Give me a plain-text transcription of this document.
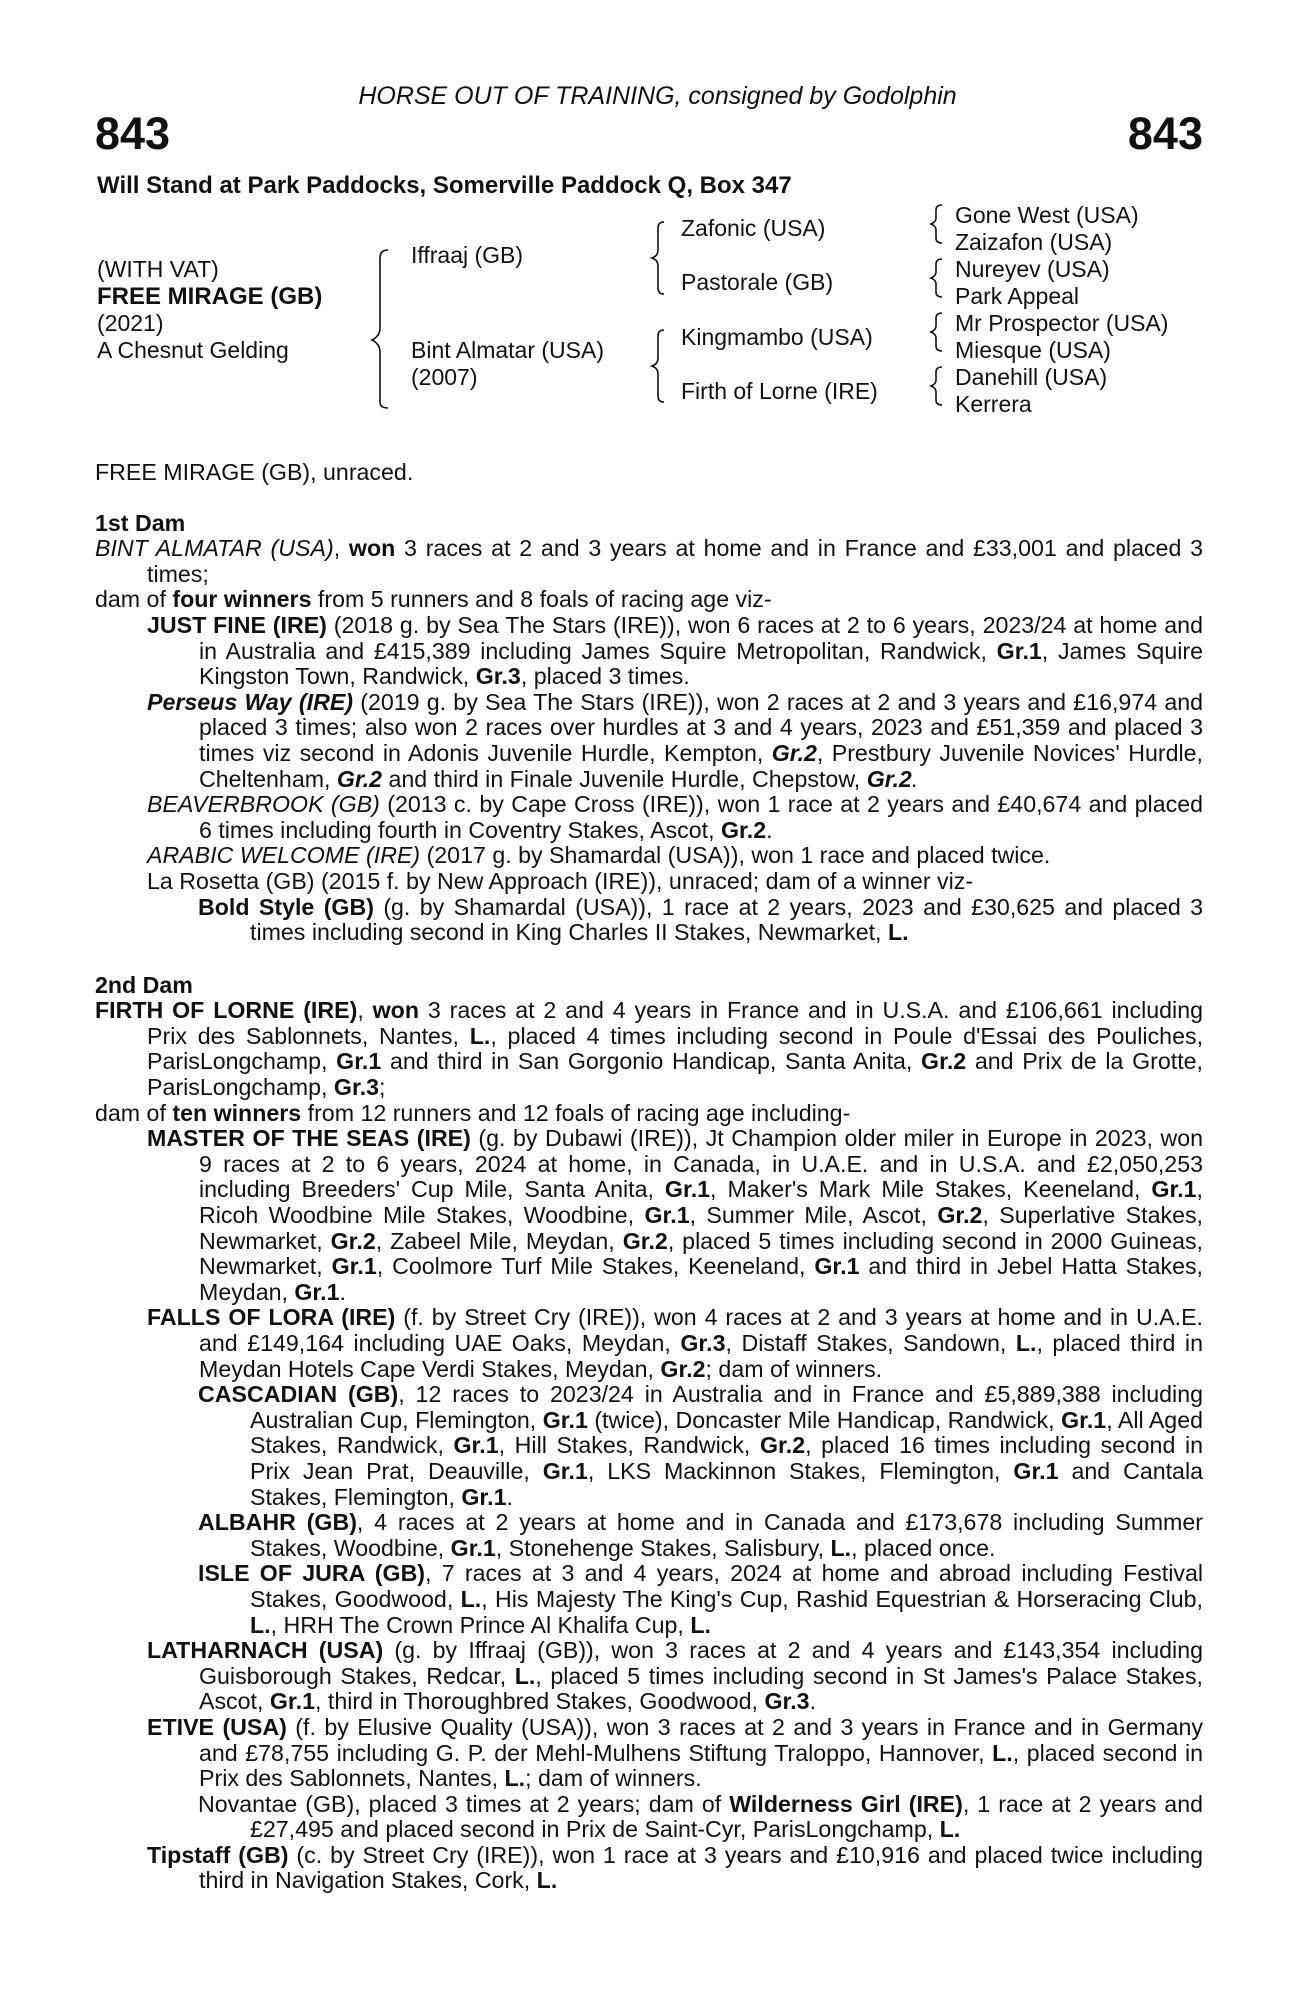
HORSE OUT OF TRAINING, consigned by Godolphin
843	843
Will Stand at Park Paddocks, Somerville Paddock Q, Box 347
(WITH VAT)
FREE MIRAGE (GB)
(2021)
A Chesnut Gelding
Iffraaj (GB)
Bint Almatar (USA)
(2007)
Zafonic (USA)
Pastorale (GB)
Kingmambo (USA)
Firth of Lorne (IRE)
Gone West (USA)
Zaizafon (USA)
Nureyev (USA)
Park Appeal
Mr Prospector (USA)
Miesque (USA)
Danehill (USA)
Kerrera

FREE MIRAGE (GB), unraced.

1st Dam

BINT ALMATAR (USA), won 3 races at 2 and 3 years at home and in France and £33,001 and placed 3 times;

dam of four winners from 5 runners and 8 foals of racing age viz-

JUST FINE (IRE) (2018 g. by Sea The Stars (IRE)), won 6 races at 2 to 6 years, 2023/24 at home and in Australia and £415,389 including James Squire Metropolitan, Randwick, Gr.1, James Squire Kingston Town, Randwick, Gr.3, placed 3 times.

Perseus Way (IRE) (2019 g. by Sea The Stars (IRE)), won 2 races at 2 and 3 years and £16,974 and placed 3 times; also won 2 races over hurdles at 3 and 4 years, 2023 and £51,359 and placed 3 times viz second in Adonis Juvenile Hurdle, Kempton, Gr.2, Prestbury Juvenile Novices' Hurdle, Cheltenham, Gr.2 and third in Finale Juvenile Hurdle, Chepstow, Gr.2.

BEAVERBROOK (GB) (2013 c. by Cape Cross (IRE)), won 1 race at 2 years and £40,674 and placed 6 times including fourth in Coventry Stakes, Ascot, Gr.2.

ARABIC WELCOME (IRE) (2017 g. by Shamardal (USA)), won 1 race and placed twice.

La Rosetta (GB) (2015 f. by New Approach (IRE)), unraced; dam of a winner viz-

Bold Style (GB) (g. by Shamardal (USA)), 1 race at 2 years, 2023 and £30,625 and placed 3 times including second in King Charles II Stakes, Newmarket, L.

2nd Dam

FIRTH OF LORNE (IRE), won 3 races at 2 and 4 years in France and in U.S.A. and £106,661 including Prix des Sablonnets, Nantes, L., placed 4 times including second in Poule d'Essai des Pouliches, ParisLongchamp, Gr.1 and third in San Gorgonio Handicap, Santa Anita, Gr.2 and Prix de la Grotte, ParisLongchamp, Gr.3;

dam of ten winners from 12 runners and 12 foals of racing age including-

MASTER OF THE SEAS (IRE) (g. by Dubawi (IRE)), Jt Champion older miler in Europe in 2023, won 9 races at 2 to 6 years, 2024 at home, in Canada, in U.A.E. and in U.S.A. and £2,050,253 including Breeders' Cup Mile, Santa Anita, Gr.1, Maker's Mark Mile Stakes, Keeneland, Gr.1, Ricoh Woodbine Mile Stakes, Woodbine, Gr.1, Summer Mile, Ascot, Gr.2, Superlative Stakes, Newmarket, Gr.2, Zabeel Mile, Meydan, Gr.2, placed 5 times including second in 2000 Guineas, Newmarket, Gr.1, Coolmore Turf Mile Stakes, Keeneland, Gr.1 and third in Jebel Hatta Stakes, Meydan, Gr.1.

FALLS OF LORA (IRE) (f. by Street Cry (IRE)), won 4 races at 2 and 3 years at home and in U.A.E. and £149,164 including UAE Oaks, Meydan, Gr.3, Distaff Stakes, Sandown, L., placed third in Meydan Hotels Cape Verdi Stakes, Meydan, Gr.2; dam of winners.

CASCADIAN (GB), 12 races to 2023/24 in Australia and in France and £5,889,388 including Australian Cup, Flemington, Gr.1 (twice), Doncaster Mile Handicap, Randwick, Gr.1, All Aged Stakes, Randwick, Gr.1, Hill Stakes, Randwick, Gr.2, placed 16 times including second in Prix Jean Prat, Deauville, Gr.1, LKS Mackinnon Stakes, Flemington, Gr.1 and Cantala Stakes, Flemington, Gr.1.

ALBAHR (GB), 4 races at 2 years at home and in Canada and £173,678 including Summer Stakes, Woodbine, Gr.1, Stonehenge Stakes, Salisbury, L., placed once.

ISLE OF JURA (GB), 7 races at 3 and 4 years, 2024 at home and abroad including Festival Stakes, Goodwood, L., His Majesty The King's Cup, Rashid Equestrian & Horseracing Club, L., HRH The Crown Prince Al Khalifa Cup, L.

LATHARNACH (USA) (g. by Iffraaj (GB)), won 3 races at 2 and 4 years and £143,354 including Guisborough Stakes, Redcar, L., placed 5 times including second in St James's Palace Stakes, Ascot, Gr.1, third in Thoroughbred Stakes, Goodwood, Gr.3.

ETIVE (USA) (f. by Elusive Quality (USA)), won 3 races at 2 and 3 years in France and in Germany and £78,755 including G. P. der Mehl-Mulhens Stiftung Traloppo, Hannover, L., placed second in Prix des Sablonnets, Nantes, L.; dam of winners.

Novantae (GB), placed 3 times at 2 years; dam of Wilderness Girl (IRE), 1 race at 2 years and £27,495 and placed second in Prix de Saint-Cyr, ParisLongchamp, L.

Tipstaff (GB) (c. by Street Cry (IRE)), won 1 race at 3 years and £10,916 and placed twice including third in Navigation Stakes, Cork, L.
